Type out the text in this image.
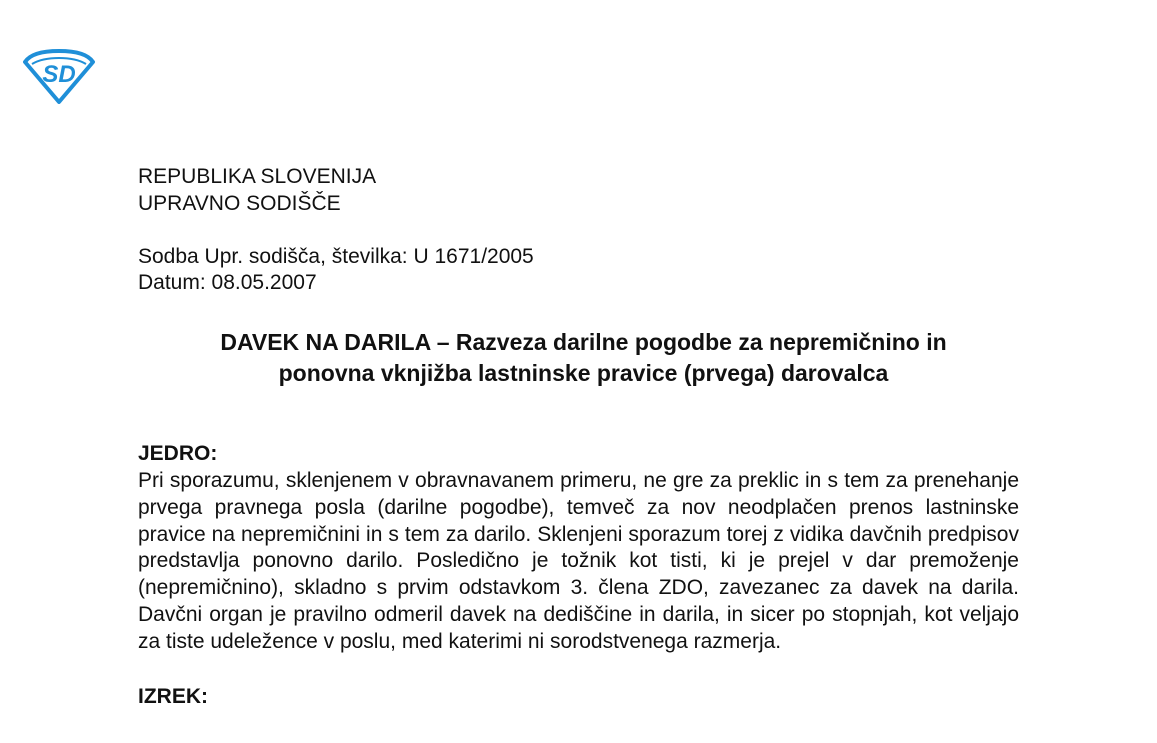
SD
REPUBLIKA SLOVENIJA
UPRAVNO SODIŠČE
Sodba Upr. sodišča, številka: U 1671/2005
Datum: 08.05.2007
DAVEK NA DARILA – Razveza darilne pogodbe za nepremičnino in
ponovna vknjižba lastninske pravice (prvega) darovalca
JEDRO:
Pri sporazumu, sklenjenem v obravnavanem primeru, ne gre za preklic in s tem za prenehanje prvega pravnega posla (darilne pogodbe), temveč za nov neodplačen prenos lastninske pravice na nepremičnini in s tem za darilo. Sklenjeni sporazum torej z vidika davčnih predpisov predstavlja ponovno darilo. Posledično je tožnik kot tisti, ki je prejel v dar premoženje (nepremičnino), skladno s prvim odstavkom 3. člena ZDO, zavezanec za davek na darila. Davčni organ je pravilno odmeril davek na dediščine in darila, in sicer po stopnjah, kot veljajo za tiste udeležence v poslu, med katerimi ni sorodstvenega razmerja.
IZREK:
